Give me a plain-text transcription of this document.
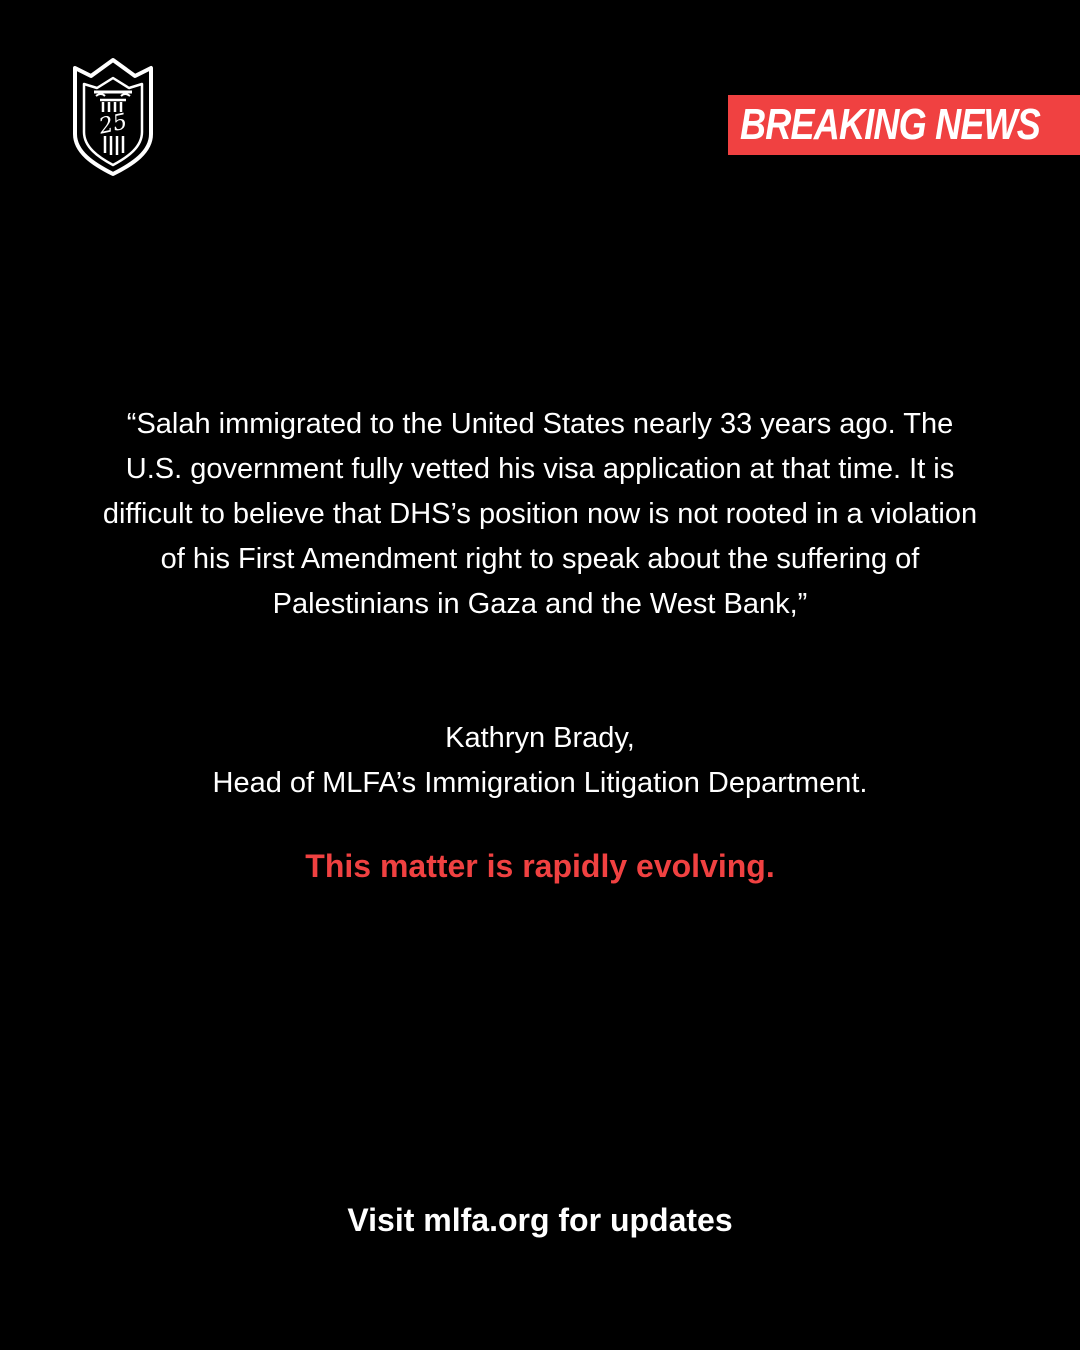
25	BREAKING NEWS

“Salah immigrated to the United States nearly 33 years ago. The U.S. government fully vetted his visa application at that time. It is difficult to believe that DHS’s position now is not rooted in a violation of his First Amendment right to speak about the suffering of Palestinians in Gaza and the West Bank,”

Kathryn Brady,
Head of MLFA’s Immigration Litigation Department.
This matter is rapidly evolving.
Visit mlfa.org for updates
